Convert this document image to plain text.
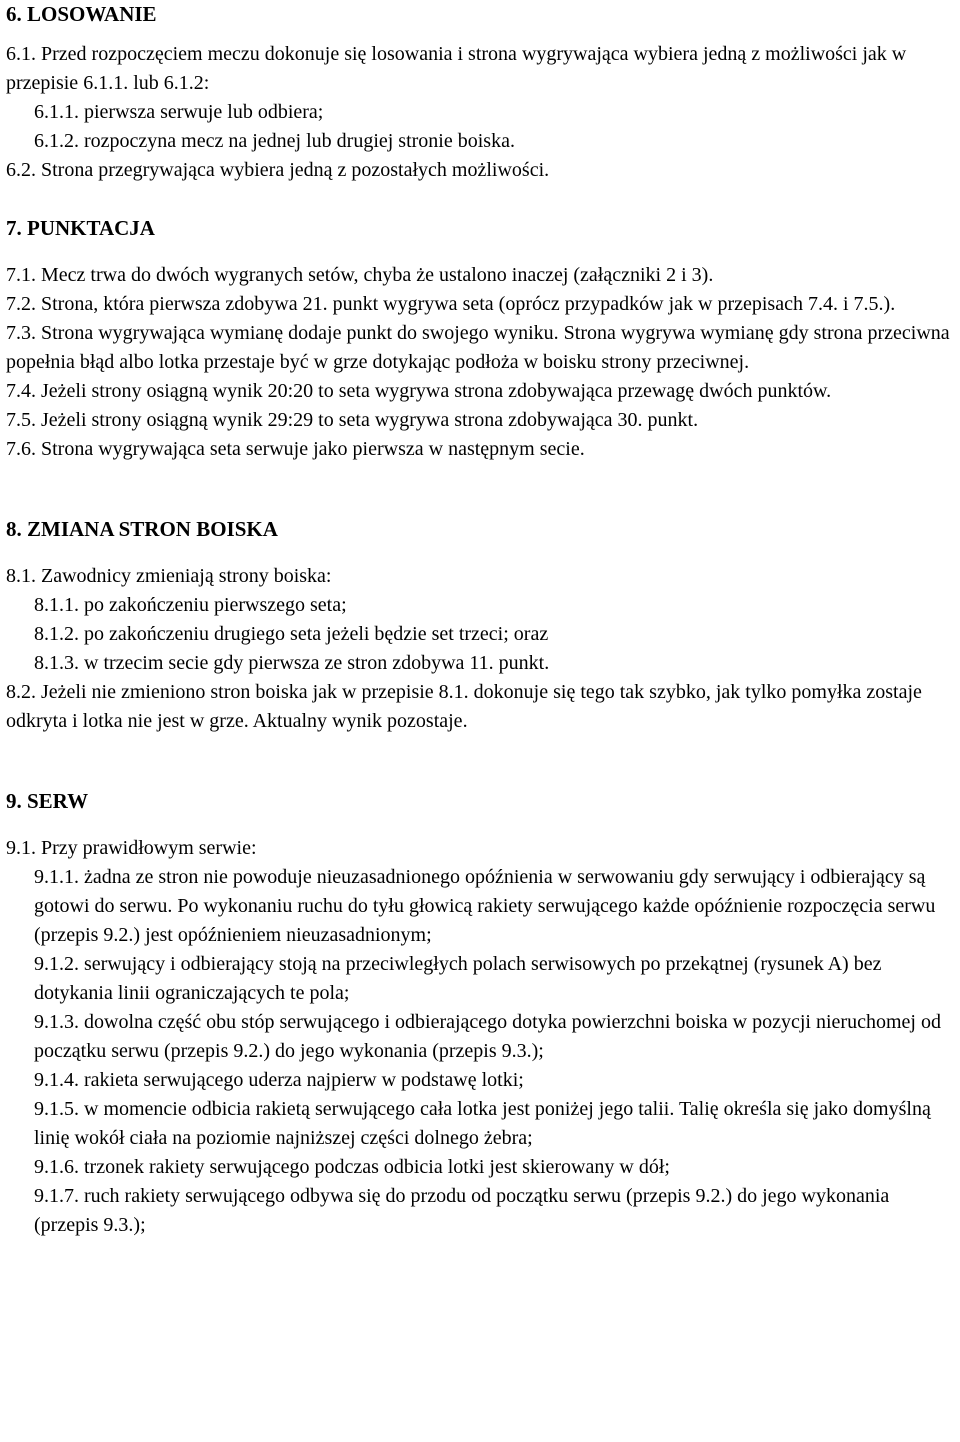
6. LOSOWANIE

6.1. Przed rozpoczęciem meczu dokonuje się losowania i strona wygrywająca wybiera jedną z możliwości jak w przepisie 6.1.1. lub 6.1.2:

6.1.1. pierwsza serwuje lub odbiera;

6.1.2. rozpoczyna mecz na jednej lub drugiej stronie boiska.

6.2. Strona przegrywająca wybiera jedną z pozostałych możliwości.

7. PUNKTACJA

7.1. Mecz trwa do dwóch wygranych setów, chyba że ustalono inaczej (załączniki 2 i 3).

7.2. Strona, która pierwsza zdobywa 21. punkt wygrywa seta (oprócz przypadków jak w przepisach 7.4. i 7.5.).

7.3. Strona wygrywająca wymianę dodaje punkt do swojego wyniku. Strona wygrywa wymianę gdy strona przeciwna popełnia błąd albo lotka przestaje być w grze dotykając podłoża w boisku strony przeciwnej.

7.4. Jeżeli strony osiągną wynik 20:20 to seta wygrywa strona zdobywająca przewagę dwóch punktów.

7.5. Jeżeli strony osiągną wynik 29:29 to seta wygrywa strona zdobywająca 30. punkt.

7.6. Strona wygrywająca seta serwuje jako pierwsza w następnym secie.

8. ZMIANA STRON BOISKA

8.1. Zawodnicy zmieniają strony boiska:

8.1.1. po zakończeniu pierwszego seta;

8.1.2. po zakończeniu drugiego seta jeżeli będzie set trzeci; oraz

8.1.3. w trzecim secie gdy pierwsza ze stron zdobywa 11. punkt.

8.2. Jeżeli nie zmieniono stron boiska jak w przepisie 8.1. dokonuje się tego tak szybko, jak tylko pomyłka zostaje odkryta i lotka nie jest w grze. Aktualny wynik pozostaje.

9. SERW

9.1. Przy prawidłowym serwie:

9.1.1. żadna ze stron nie powoduje nieuzasadnionego opóźnienia w serwowaniu gdy serwujący i odbierający są gotowi do serwu. Po wykonaniu ruchu do tyłu głowicą rakiety serwującego każde opóźnienie rozpoczęcia serwu (przepis 9.2.) jest opóźnieniem nieuzasadnionym;

9.1.2. serwujący i odbierający stoją na przeciwległych polach serwisowych po przekątnej (rysunek A) bez dotykania linii ograniczających te pola;

9.1.3. dowolna część obu stóp serwującego i odbierającego dotyka powierzchni boiska w pozycji nieruchomej od początku serwu (przepis 9.2.) do jego wykonania (przepis 9.3.);

9.1.4. rakieta serwującego uderza najpierw w podstawę lotki;

9.1.5. w momencie odbicia rakietą serwującego cała lotka jest poniżej jego talii. Talię określa się jako domyślną linię wokół ciała na poziomie najniższej części dolnego żebra;

9.1.6. trzonek rakiety serwującego podczas odbicia lotki jest skierowany w dół;

9.1.7. ruch rakiety serwującego odbywa się do przodu od początku serwu (przepis 9.2.) do jego wykonania (przepis 9.3.);
